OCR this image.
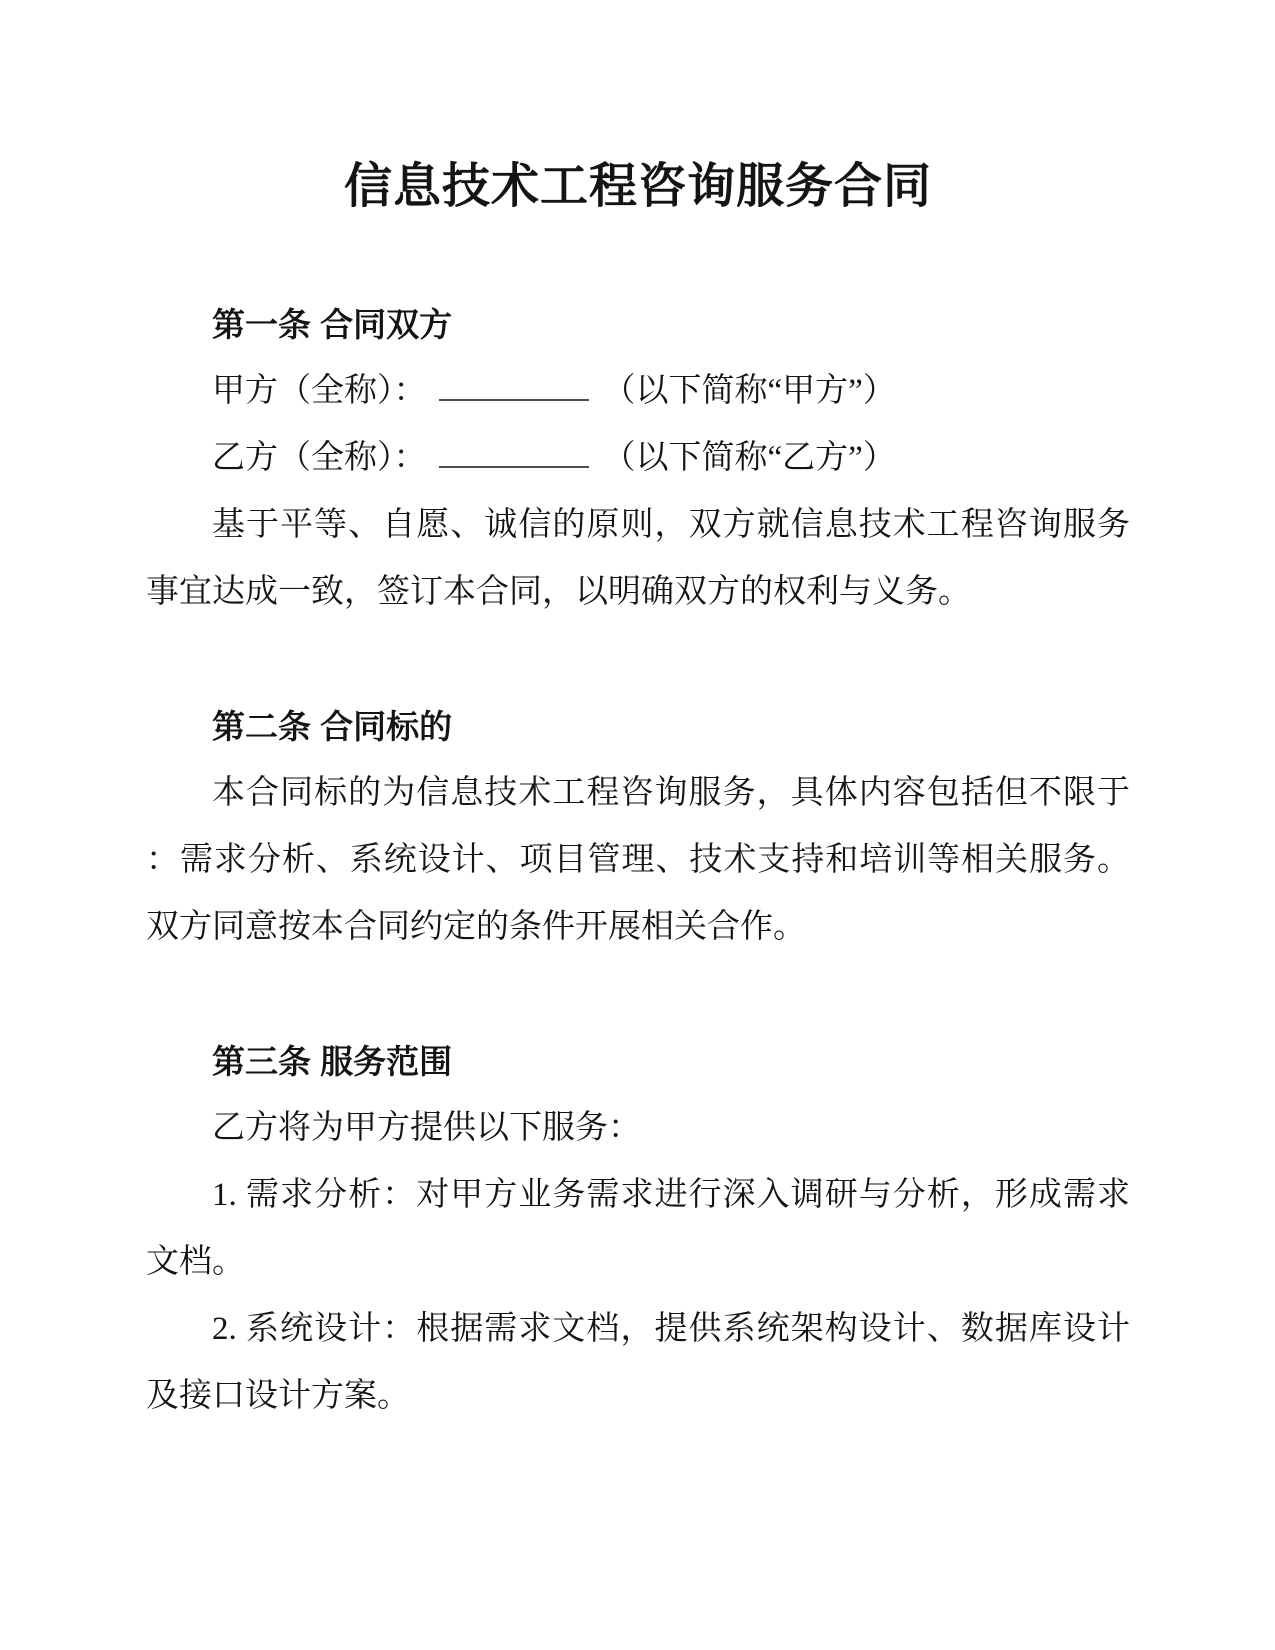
信息技术工程咨询服务合同
第一条 合同双方
甲方（全称）：	（以下简称“甲方”）
乙方（全称）：	（以下简称“乙方”）
基于平等、自愿、诚信的原则，双方就信息技术工程咨询服务
事宜达成一致，签订本合同，以明确双方的权利与义务。
第二条 合同标的
本合同标的为信息技术工程咨询服务，具体内容包括但不限于
：需求分析、系统设计、项目管理、技术支持和培训等相关服务。
双方同意按本合同约定的条件开展相关合作。
第三条 服务范围
乙方将为甲方提供以下服务：
1. 需求分析：对甲方业务需求进行深入调研与分析，形成需求
文档。
2. 系统设计：根据需求文档，提供系统架构设计、数据库设计
及接口设计方案。
